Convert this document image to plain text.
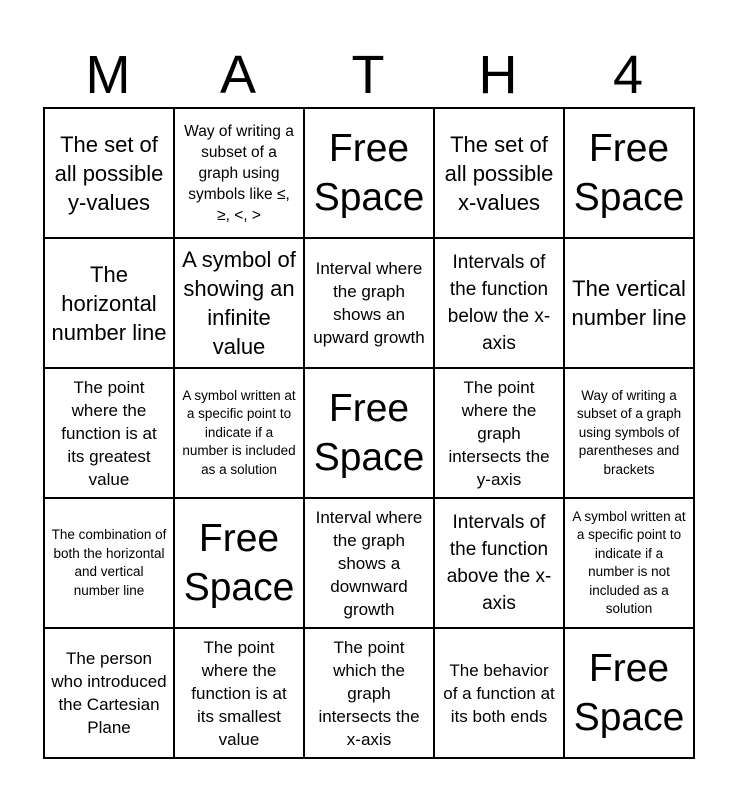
M	A	T	H	4
The set of all possible y-values
Way of writing a subset of a graph using symbols like ≤, ≥, <, >
Free Space
The set of all possible x-values
Free Space
The horizontal number line
A symbol of showing an infinite value
Interval where the graph shows an upward growth
Intervals of the function below the x-axis
The vertical number line
The point where the function is at its greatest value
A symbol written at a specific point to indicate if a number is included as a solution
Free Space
The point where the graph intersects the y-axis
Way of writing a subset of a graph using symbols of parentheses and brackets
The combination of both the horizontal and vertical number line
Free Space
Interval where the graph shows a downward growth
Intervals of the function above the x-axis
A symbol written at a specific point to indicate if a number is not included as a solution
The person who introduced the Cartesian Plane
The point where the function is at its smallest value
The point which the graph intersects the x-axis
The behavior of a function at its both ends
Free Space
